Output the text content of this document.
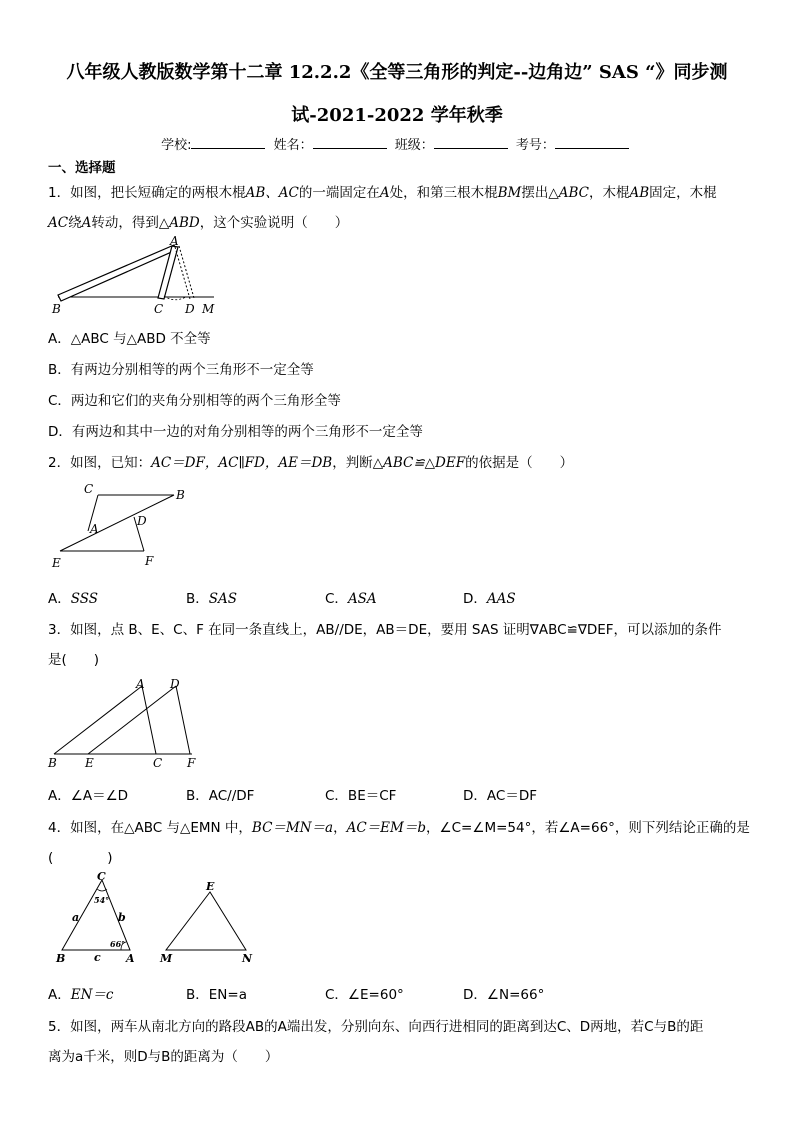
八年级人教版数学第十二章 12.2.2《全等三角形的判定--边角边” SAS “》同步测
试-2021-2022 学年秋季
学校:	姓名：	班级：	考号：
一、选择题
1．如图，把长短确定的两根木棍AB、AC的一端固定在A处，和第三根木棍BM摆出△ABC，木棍AB固定，木棍
AC绕A转动，得到△ABD，这个实验说明（　　）
A
B	C D M
A．△ABC 与△ABD 不全等
B．有两边分别相等的两个三角形不一定全等
C．两边和它们的夹角分别相等的两个三角形全等
D．有两边和其中一边的对角分别相等的两个三角形不一定全等
2．如图，已知：AC＝DF，AC∥FD，AE＝DB，判断△ABC≌△DEF的依据是（　　）
C	B
A
D
E	F
A．SSS	B．SAS	C．ASA	D．AAS
3．如图，点 B、E、C、F 在同一条直线上，AB//DE，AB＝DE，要用 SAS 证明∇ABC≌∇DEF，可以添加的条件
是(　　)
A D
B E	C F
A．∠A＝∠D	B．AC//DF	C．BE＝CF	D．AC＝DF
4．如图，在△ABC 与△EMN 中，BC＝MN＝a，AC＝EM＝b，∠C=∠M=54°，若∠A=66°，则下列结论正确的是
(　　　　)
C
54°
a	b
66°
c
B	A
E
M	N
A．EN＝c	B．EN=a	C．∠E=60°	D．∠N=66°
5．如图，两车从南北方向的路段AB的A端出发，分别向东、向西行进相同的距离到达C、D两地，若C与B的距
离为a千米，则D与B的距离为（　　）
